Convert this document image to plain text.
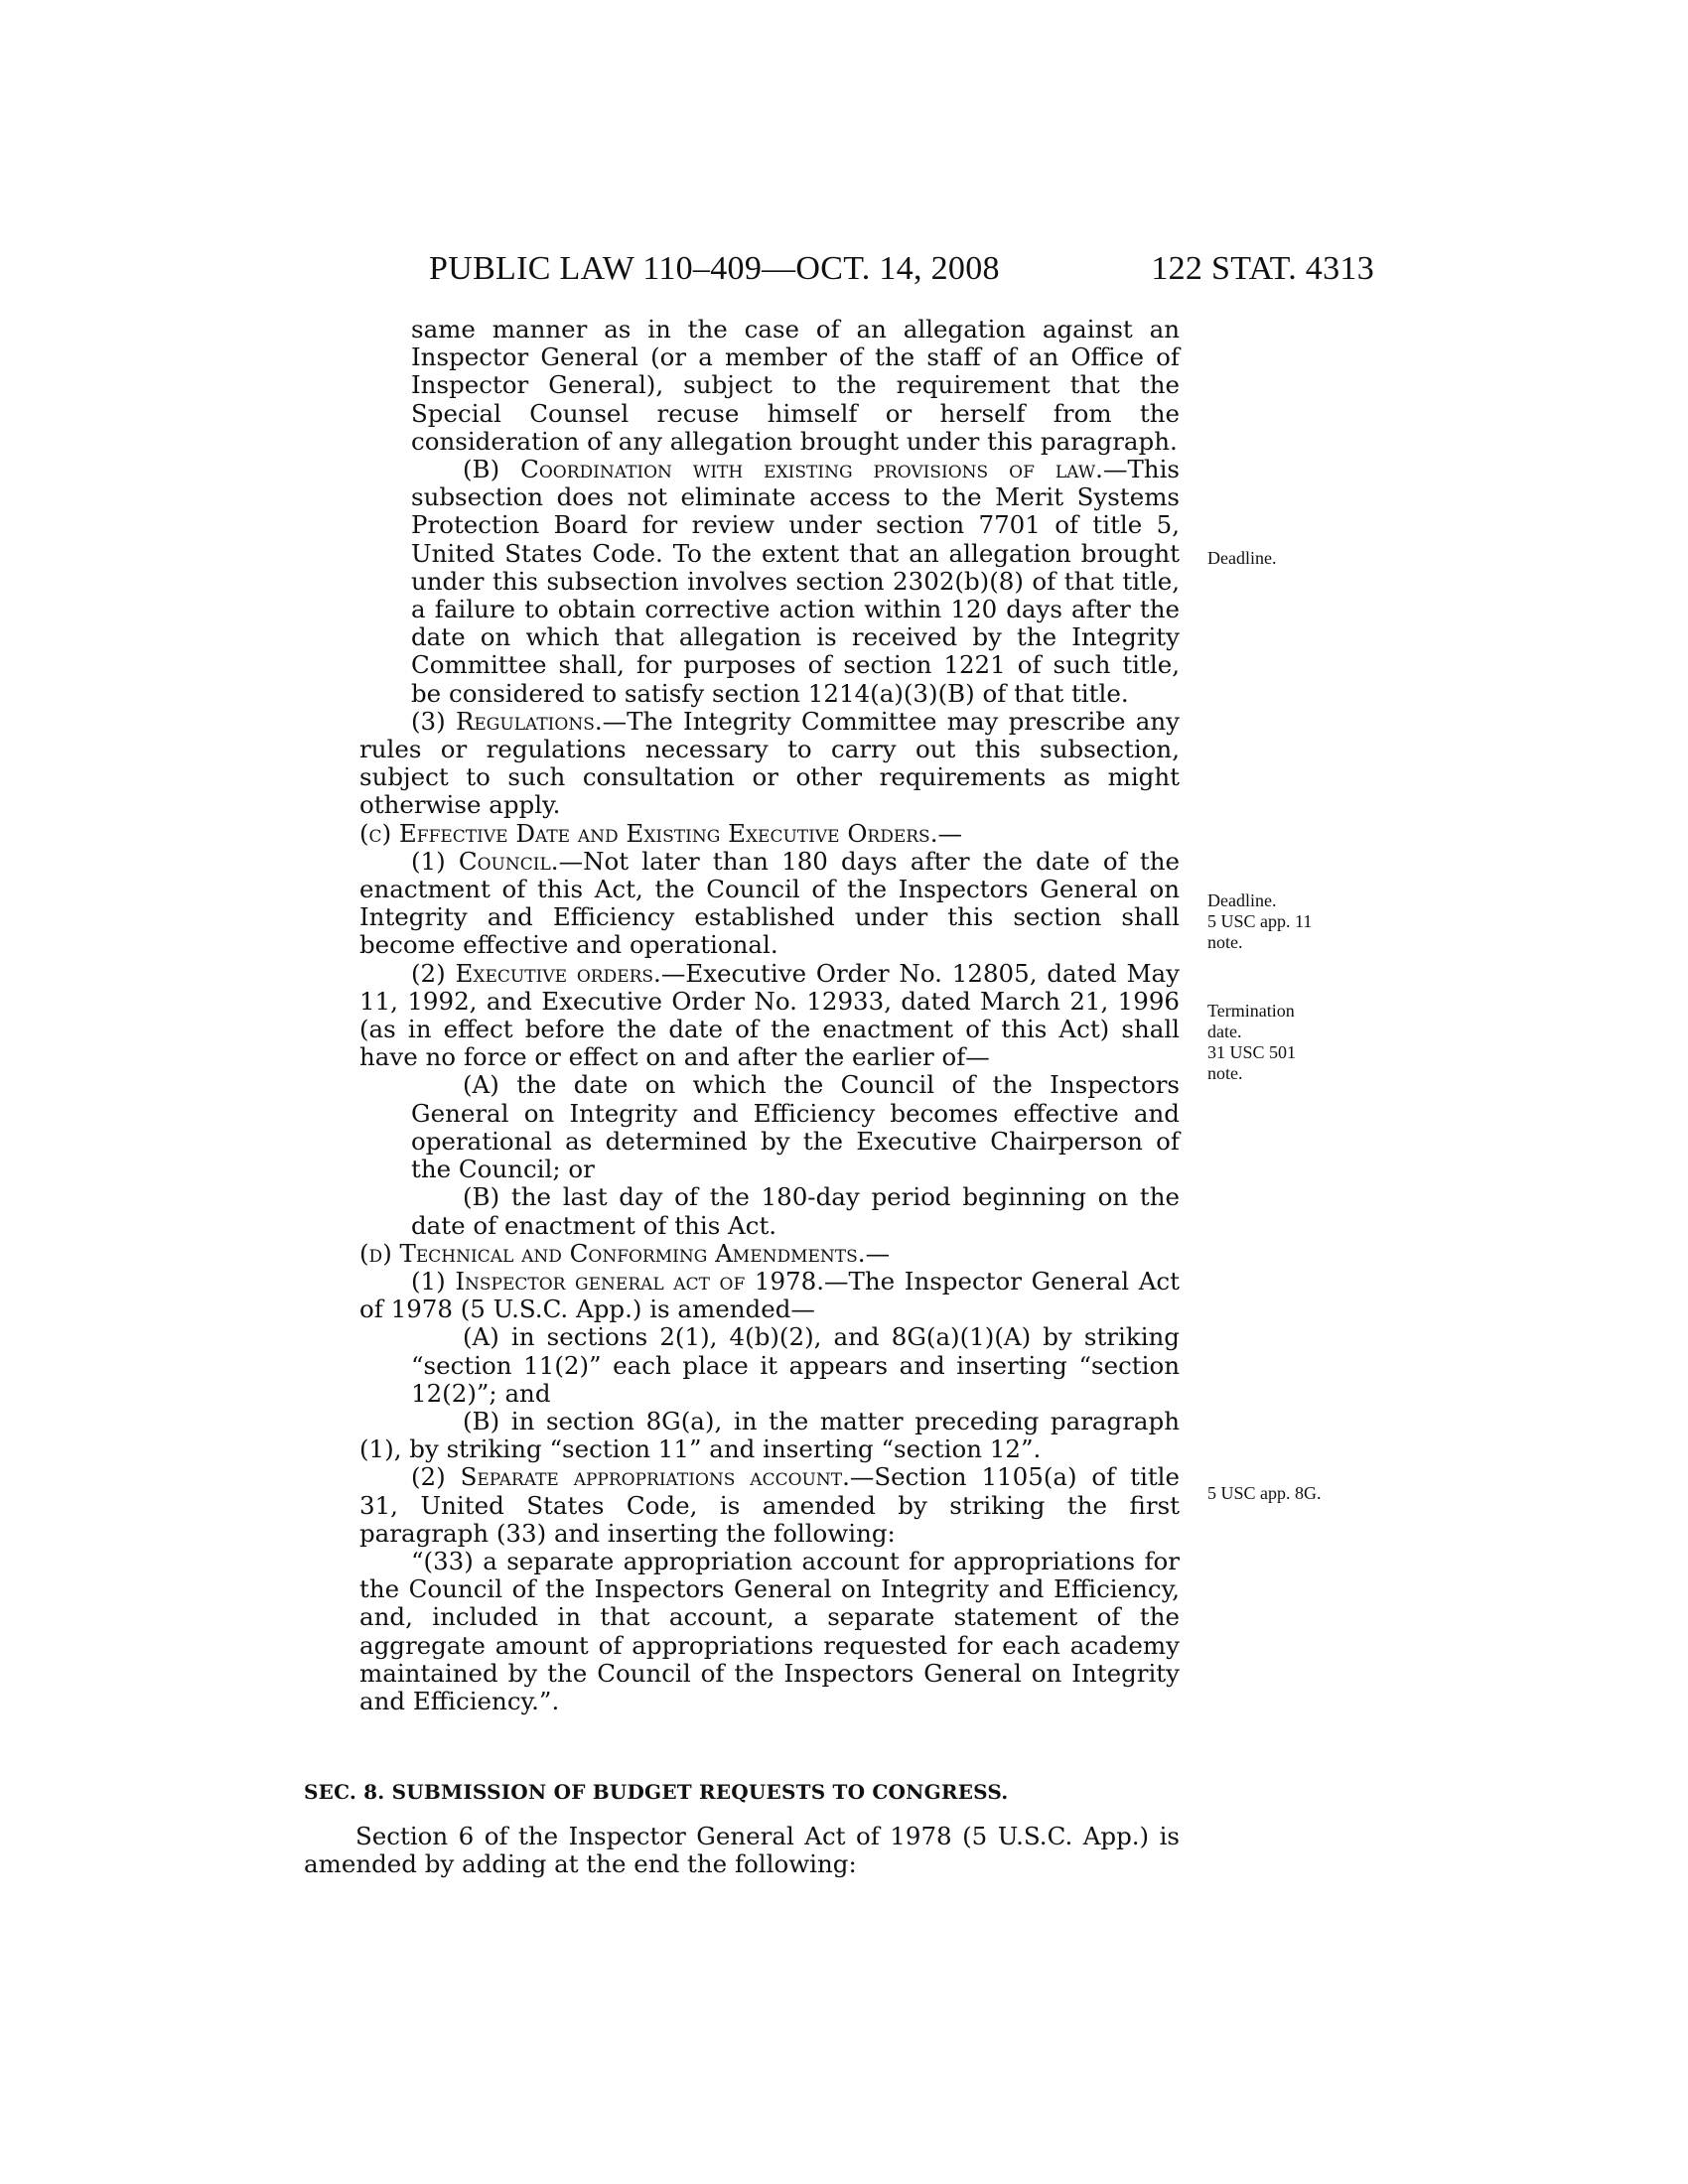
PUBLIC LAW 110–409—OCT. 14, 2008	122 STAT. 4313

same manner as in the case of an allegation against an Inspector General (or a member of the staff of an Office of Inspector General), subject to the requirement that the Special Counsel recuse himself or herself from the consideration of any allegation brought under this paragraph.

(B) Coordination with existing provisions of law.—This subsection does not eliminate access to the Merit Systems Protection Board for review under section 7701 of title 5, United States Code. To the extent that an allegation brought under this subsection involves section 2302(b)(8) of that title, a failure to obtain corrective action within 120 days after the date on which that allegation is received by the Integrity Committee shall, for purposes of section 1221 of such title, be considered to satisfy section 1214(a)(3)(B) of that title.

(3) Regulations.—The Integrity Committee may prescribe any rules or regulations necessary to carry out this subsection, subject to such consultation or other requirements as might otherwise apply.

(c) Effective Date and Existing Executive Orders.—

(1) Council.—Not later than 180 days after the date of the enactment of this Act, the Council of the Inspectors General on Integrity and Efficiency established under this section shall become effective and operational.

(2) Executive orders.—Executive Order No. 12805, dated May 11, 1992, and Executive Order No. 12933, dated March 21, 1996 (as in effect before the date of the enactment of this Act) shall have no force or effect on and after the earlier of—

(A) the date on which the Council of the Inspectors General on Integrity and Efficiency becomes effective and operational as determined by the Executive Chairperson of the Council; or

(B) the last day of the 180-day period beginning on the date of enactment of this Act.

(d) Technical and Conforming Amendments.—

(1) Inspector general act of 1978.—The Inspector General Act of 1978 (5 U.S.C. App.) is amended—

(A) in sections 2(1), 4(b)(2), and 8G(a)(1)(A) by striking “section 11(2)” each place it appears and inserting “section 12(2)”; and

(B) in section 8G(a), in the matter preceding paragraph (1), by striking “section 11” and inserting “section 12”.

(2) Separate appropriations account.—Section 1105(a) of title 31, United States Code, is amended by striking the first paragraph (33) and inserting the following:

“(33) a separate appropriation account for appropriations for the Council of the Inspectors General on Integrity and Efficiency, and, included in that account, a separate statement of the aggregate amount of appropriations requested for each academy maintained by the Council of the Inspectors General on Integrity and Efficiency.”.

SEC. 8. SUBMISSION OF BUDGET REQUESTS TO CONGRESS.

Section 6 of the Inspector General Act of 1978 (5 U.S.C. App.) is amended by adding at the end the following:

Deadline.
Deadline.
5 USC app. 11
note.
Termination
date.
31 USC 501
note.
5 USC app. 8G.
